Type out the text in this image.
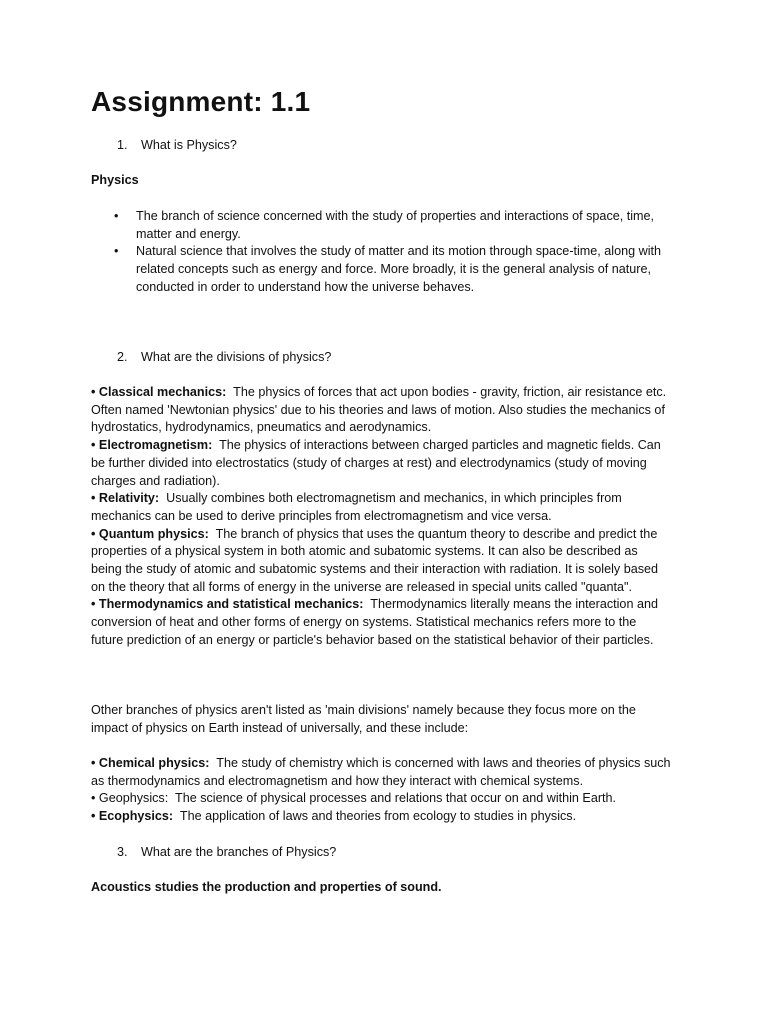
Assignment: 1.1
1. What is Physics?
Physics
• The branch of science concerned with the study of properties and interactions of space, time, matter and energy.
• Natural science that involves the study of matter and its motion through space-time, along with related concepts such as energy and force. More broadly, it is the general analysis of nature, conducted in order to understand how the universe behaves.
2. What are the divisions of physics?

• Classical mechanics: The physics of forces that act upon bodies - gravity, friction, air resistance etc. Often named 'Newtonian physics' due to his theories and laws of motion. Also studies the mechanics of hydrostatics, hydrodynamics, pneumatics and aerodynamics.

• Electromagnetism: The physics of interactions between charged particles and magnetic fields. Can be further divided into electrostatics (study of charges at rest) and electrodynamics (study of moving charges and radiation).

• Relativity: Usually combines both electromagnetism and mechanics, in which principles from mechanics can be used to derive principles from electromagnetism and vice versa.

• Quantum physics: The branch of physics that uses the quantum theory to describe and predict the properties of a physical system in both atomic and subatomic systems. It can also be described as being the study of atomic and subatomic systems and their interaction with radiation. It is solely based on the theory that all forms of energy in the universe are released in special units called "quanta".

• Thermodynamics and statistical mechanics: Thermodynamics literally means the interaction and conversion of heat and other forms of energy on systems. Statistical mechanics refers more to the future prediction of an energy or particle's behavior based on the statistical behavior of their particles.

Other branches of physics aren't listed as 'main divisions' namely because they focus more on the impact of physics on Earth instead of universally, and these include:

• Chemical physics: The study of chemistry which is concerned with laws and theories of physics such as thermodynamics and electromagnetism and how they interact with chemical systems.

• Geophysics: The science of physical processes and relations that occur on and within Earth.

• Ecophysics: The application of laws and theories from ecology to studies in physics.

3. What are the branches of Physics?
Acoustics studies the production and properties of sound.
